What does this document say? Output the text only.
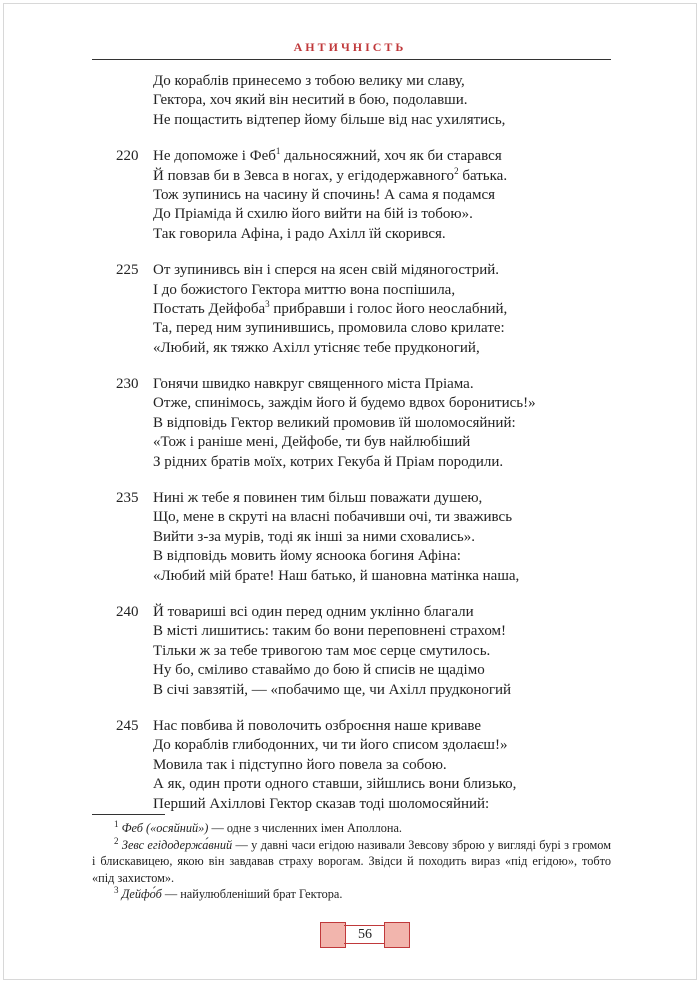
АНТИЧНІСТЬ
До кораблів принесемо з тобою велику ми славу,
Гектора, хоч який він неситий в бою, подолавши.
Не пощастить відтепер йому більше від нас ухилятись,
220 Не допоможе і Феб$^1$ дальносяжний, хоч як би старався
Й повзав би в Зевса в ногах, у егідодержавного$^2$ батька.
Тож зупинись на часину й спочинь! А сама я подамся
До Пріаміда й схилю його вийти на бій із тобою».
Так говорила Афіна, і радо Ахілл їй скорився.
225 От зупинивсь він і сперся на ясен свій мідяногострий.
І до божистого Гектора миттю вона поспішила,
Постать Дейфоба$^3$ прибравши і голос його неослабний,
Та, перед ним зупинившись, промовила слово крилате:
«Любий, як тяжко Ахілл утісняє тебе прудконогий,
230 Гонячи швидко навкруг священного міста Пріама.
Отже, спинімось, заждім його й будемо вдвох боронитись!»
В відповідь Гектор великий промовив їй шоломосяйний:
«Тож і раніше мені, Дейфобе, ти був найлюбіший
З рідних братів моїх, котрих Гекуба й Пріам породили.
235 Нині ж тебе я повинен тим більш поважати душею,
Що, мене в скруті на власні побачивши очі, ти зваживсь
Вийти з-за мурів, тоді як інші за ними сховались».
В відповідь мовить йому ясноока богиня Афіна:
«Любий мій брате! Наш батько, й шановна матінка наша,
240 Й товариші всі один перед одним уклінно благали
В місті лишитись: таким бо вони переповнені страхом!
Тільки ж за тебе тривогою там моє серце смутилось.
Ну бо, сміливо ставаймо до бою й списів не щадімо
В січі завзятій, — «побачимо ще, чи Ахілл прудконогий
245 Нас повбива й поволочить озброєння наше криваве
До кораблів глибодонних, чи ти його списом здолаєш!»
Мовила так і підступно його повела за собою.
А як, один проти одного ставши, зійшлись вони близько,
Перший Ахіллові Гектор сказав тоді шоломосяйний:
$^1$ Феб («осяйний») — одне з численних імен Аполлона.
$^2$ Зевс егідодержа́вний — у давні часи егідою називали Зевсову зброю у вигляді бурі з громом і блискавицею, якою він завдавав страху ворогам. Звідси й походить вираз «під егідою», тобто «під захистом».
$^3$ Дейфо́б — найулюбленіший брат Гектора.
56
